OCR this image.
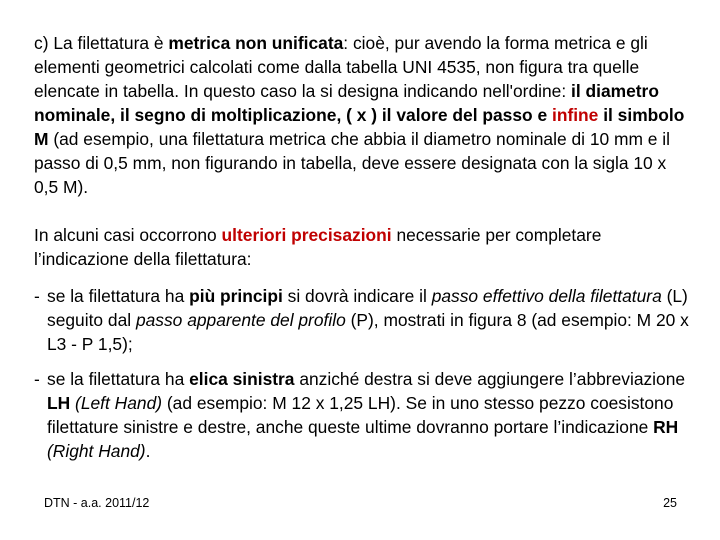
c) La filettatura è metrica non unificata: cioè, pur avendo la forma metrica e gli elementi geometrici calcolati come dalla tabella UNI 4535, non figura tra quelle elencate in tabella. In questo caso la si designa indicando nell'ordine: il diametro nominale, il segno di moltiplicazione, ( x ) il valore del passo e infine il simbolo M (ad esempio, una filettatura metrica che abbia il diametro nominale di 10 mm e il passo di 0,5 mm, non figurando in tabella, deve essere designata con la sigla 10 x 0,5 M).

In alcuni casi occorrono ulteriori precisazioni necessarie per completare l’indicazione della filettatura:

‑ se la filettatura ha più principi si dovrà indicare il passo effettivo della filettatura (L) seguito dal passo apparente del profilo (P), mostrati in figura 8 (ad esempio: M 20 x L3 ‑ P 1,5);
‑ se la filettatura ha elica sinistra anziché destra si deve aggiungere l’abbreviazione LH (Left Hand) (ad esempio: M 12 x 1,25 LH). Se in uno stesso pezzo coesistono filettature sinistre e destre, anche queste ultime dovranno portare l’indicazione RH (Right Hand).
DTN - a.a. 2011/12	25
